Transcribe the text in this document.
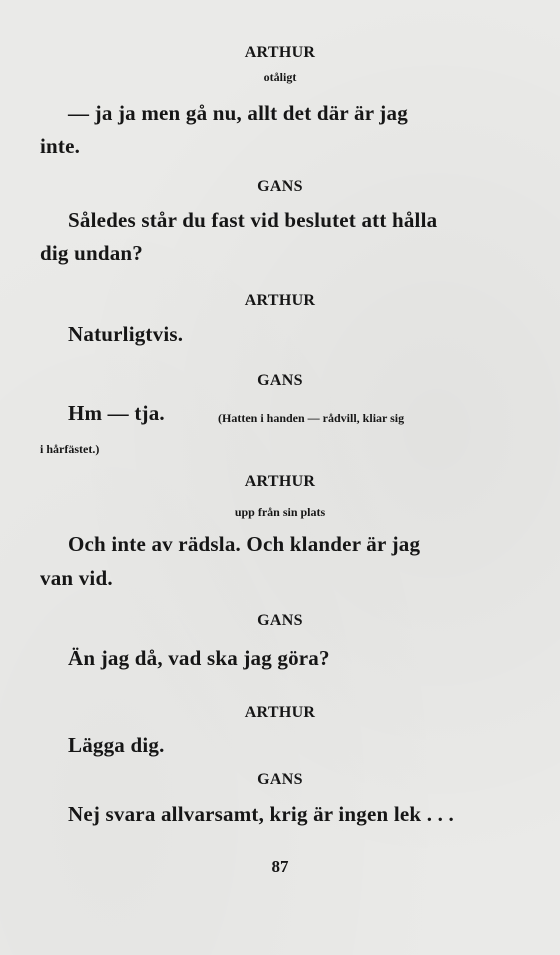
ARTHUR
otåligt
— ja ja men gå nu, allt det där är jag
inte.
GANS
Således står du fast vid beslutet att hålla
dig undan?
ARTHUR
Naturligtvis.
GANS
Hm — tja.	(Hatten i handen — rådvill, kliar sig
i hårfästet.)
ARTHUR
upp från sin plats
Och inte av rädsla. Och klander är jag
van vid.
GANS
Än jag då, vad ska jag göra?
ARTHUR
Lägga dig.
GANS
Nej svara allvarsamt, krig är ingen lek . . .
87
